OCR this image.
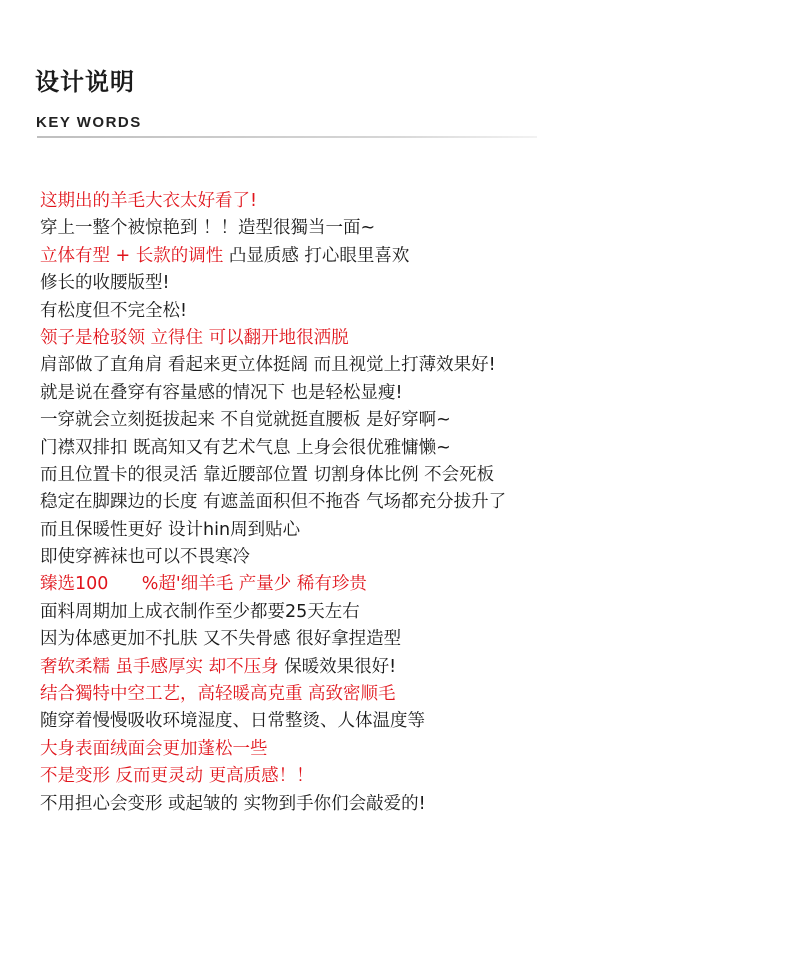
设计说明
KEY WORDS
这期出的羊毛大衣太好看了!
穿上一整个被惊艳到 ！！造型很獨当一面~
立体有型 + 长款的调性 凸显质感 打心眼里喜欢
修长的收腰版型!
有松度但不完全松!
领子是枪驳领 立得住 可以翻开地很洒脱
肩部做了直角肩 看起来更立体挺阔 而且视觉上打薄效果好!
就是说在叠穿有容量感的情况下 也是轻松显瘦!
一穿就会立刻挺拔起来 不自觉就挺直腰板 是好穿啊~
门襟双排扣 既高知又有艺术气息 上身会很优雅慵懒~
而且位置卡的很灵活 靠近腰部位置 切割身体比例 不会死板
稳定在脚踝边的长度 有遮盖面积但不拖沓 气场都充分拔升了
而且保暖性更好 设计hin周到贴心
即使穿裤袜也可以不畏寒冷
臻选100      %超'细羊毛 产量少 稀有珍贵
面料周期加上成衣制作至少都要25天左右
因为体感更加不扎肤 又不失骨感 很好拿捏造型
奢软柔糯 虽手感厚实 却不压身 保暖效果很好!
结合獨特中空工艺，高轻暖高克重 高致密顺毛
随穿着慢慢吸收环境湿度、日常整烫、人体温度等
大身表面绒面会更加蓬松一些
不是变形 反而更灵动 更高质感！！
不用担心会变形 或起皱的 实物到手你们会敲爱的!
